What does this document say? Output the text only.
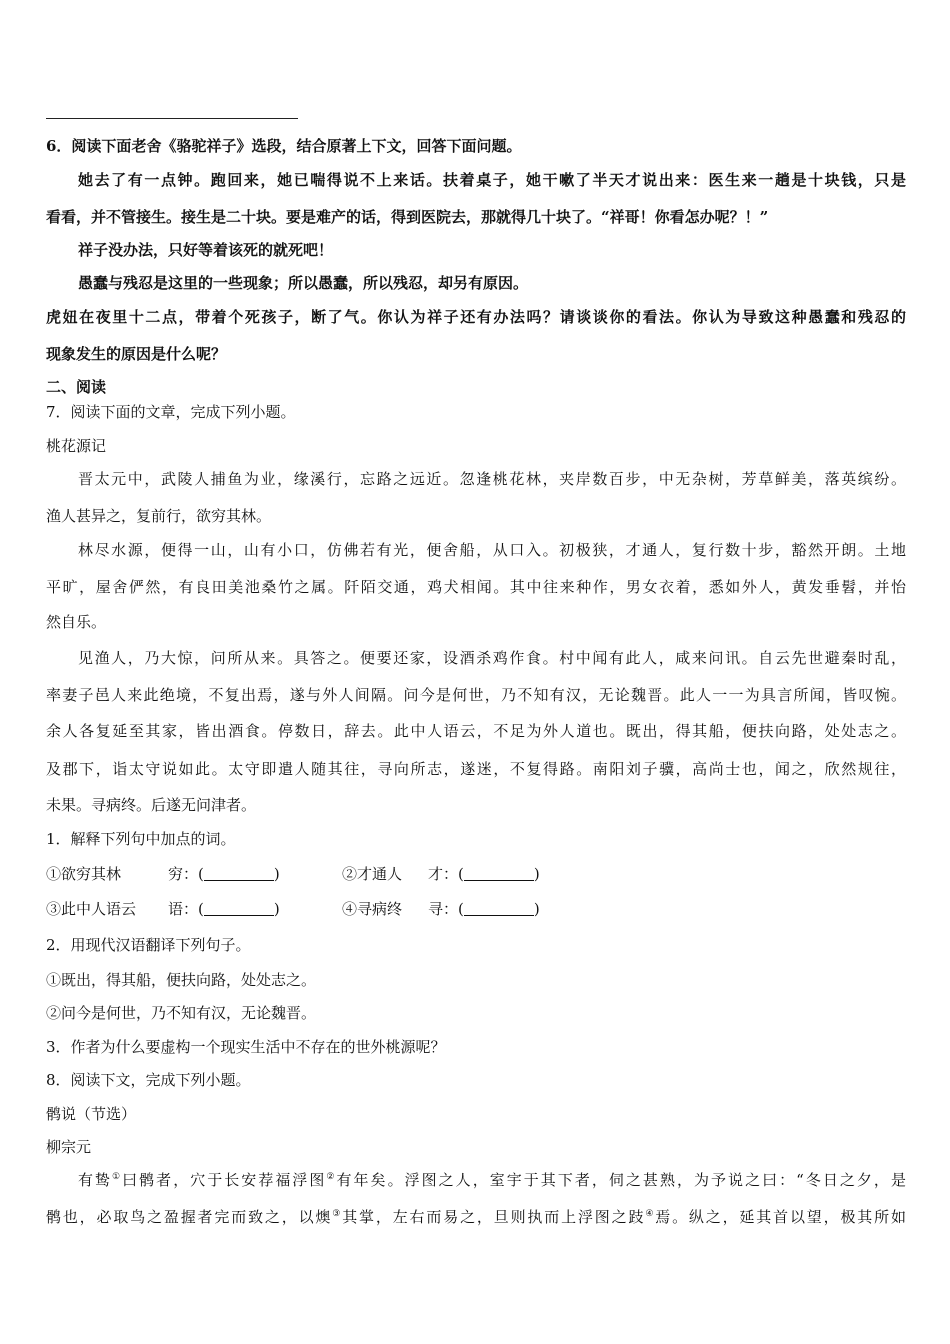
6．阅读下面老舍《骆驼祥子》选段，结合原著上下文，回答下面问题。
她去了有一点钟。跑回来，她已喘得说不上来话。扶着桌子，她干嗽了半天才说出来：医生来一趟是十块钱，只是
看看，并不管接生。接生是二十块。要是难产的话，得到医院去，那就得几十块了。“祥哥！你看怎办呢？！”
祥子没办法，只好等着该死的就死吧！
愚蠢与残忍是这里的一些现象；所以愚蠢，所以残忍，却另有原因。
虎妞在夜里十二点，带着个死孩子，断了气。你认为祥子还有办法吗？请谈谈你的看法。你认为导致这种愚蠢和残忍的
现象发生的原因是什么呢？
二、阅读
7．阅读下面的文章，完成下列小题。
桃花源记
晋太元中，武陵人捕鱼为业，缘溪行，忘路之远近。忽逢桃花林，夹岸数百步，中无杂树，芳草鲜美，落英缤纷。
渔人甚异之，复前行，欲穷其林。
林尽水源，便得一山，山有小口，仿佛若有光，便舍船，从口入。初极狭，才通人，复行数十步，豁然开朗。土地
平旷，屋舍俨然，有良田美池桑竹之属。阡陌交通，鸡犬相闻。其中往来种作，男女衣着，悉如外人，黄发垂髫，并怡
然自乐。
见渔人，乃大惊，问所从来。具答之。便要还家，设酒杀鸡作食。村中闻有此人，咸来问讯。自云先世避秦时乱，
率妻子邑人来此绝境，不复出焉，遂与外人间隔。问今是何世，乃不知有汉，无论魏晋。此人一一为具言所闻，皆叹惋。
余人各复延至其家，皆出酒食。停数日，辞去。此中人语云，不足为外人道也。既出，得其船，便扶向路，处处志之。
及郡下，诣太守说如此。太守即遣人随其往，寻向所志，遂迷，不复得路。南阳刘子骥，高尚士也，闻之，欣然规往，
未果。寻病终。后遂无问津者。
1．解释下列句中加点的词。
①欲穷其林	穷：(	)	②才通人 才：(	)
③此中人语云 语：(	)	④寻病终 寻：(	)
2．用现代汉语翻译下列句子。
①既出，得其船，便扶向路，处处志之。
②问今是何世，乃不知有汉，无论魏晋。
3．作者为什么要虚构一个现实生活中不存在的世外桃源呢？
8．阅读下文，完成下列小题。
鹘说（节选）
柳宗元
有鸷①曰鹘者，穴于长安荐福浮图②有年矣。浮图之人，室宇于其下者，伺之甚熟，为予说之曰：“冬日之夕，是
鹘也，必取鸟之盈握者完而致之，以燠③其掌，左右而易之，旦则执而上浮图之跂④焉。纵之，延其首以望，极其所如
